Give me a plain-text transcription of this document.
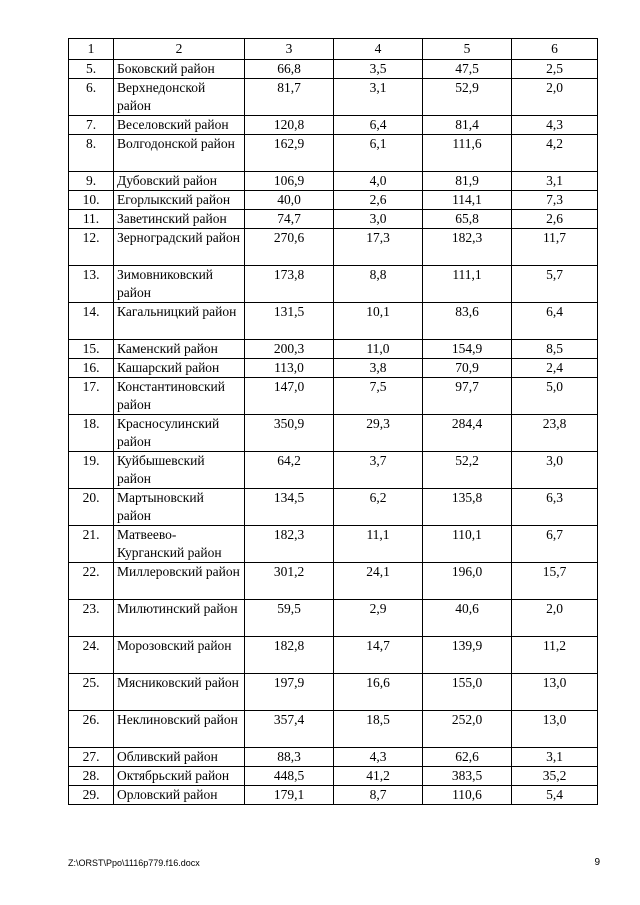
1	2	3	4	5	6
5.	Боковский район	66,8	3,5	47,5	2,5
6.	Верхнедонской район	81,7	3,1	52,9	2,0
7.	Веселовский район	120,8	6,4	81,4	4,3
8.	Волгодонской район	162,9	6,1	111,6	4,2
9.	Дубовский район	106,9	4,0	81,9	3,1
10.	Егорлыкский район	40,0	2,6	114,1	7,3
11.	Заветинский район	74,7	3,0	65,8	2,6
12.	Зерноградский район	270,6	17,3	182,3	11,7
13.	Зимовниковский район	173,8	8,8	111,1	5,7
14.	Кагальницкий район	131,5	10,1	83,6	6,4
15.	Каменский район	200,3	11,0	154,9	8,5
16.	Кашарский район	113,0	3,8	70,9	2,4
17.	Константиновский район	147,0	7,5	97,7	5,0
18.	Красносулинский район	350,9	29,3	284,4	23,8
19.	Куйбышевский район	64,2	3,7	52,2	3,0
20.	Мартыновский район	134,5	6,2	135,8	6,3
21.	Матвеево-Курганский район	182,3	11,1	110,1	6,7
22.	Миллеровский район	301,2	24,1	196,0	15,7
23.	Милютинский район	59,5	2,9	40,6	2,0
24.	Морозовский район	182,8	14,7	139,9	11,2
25.	Мясниковский район	197,9	16,6	155,0	13,0
26.	Неклиновский район	357,4	18,5	252,0	13,0
27.	Обливский район	88,3	4,3	62,6	3,1
28.	Октябрьский район	448,5	41,2	383,5	35,2
29.	Орловский район	179,1	8,7	110,6	5,4
Z:\ORST\Ppo\1116p779.f16.docx	9
